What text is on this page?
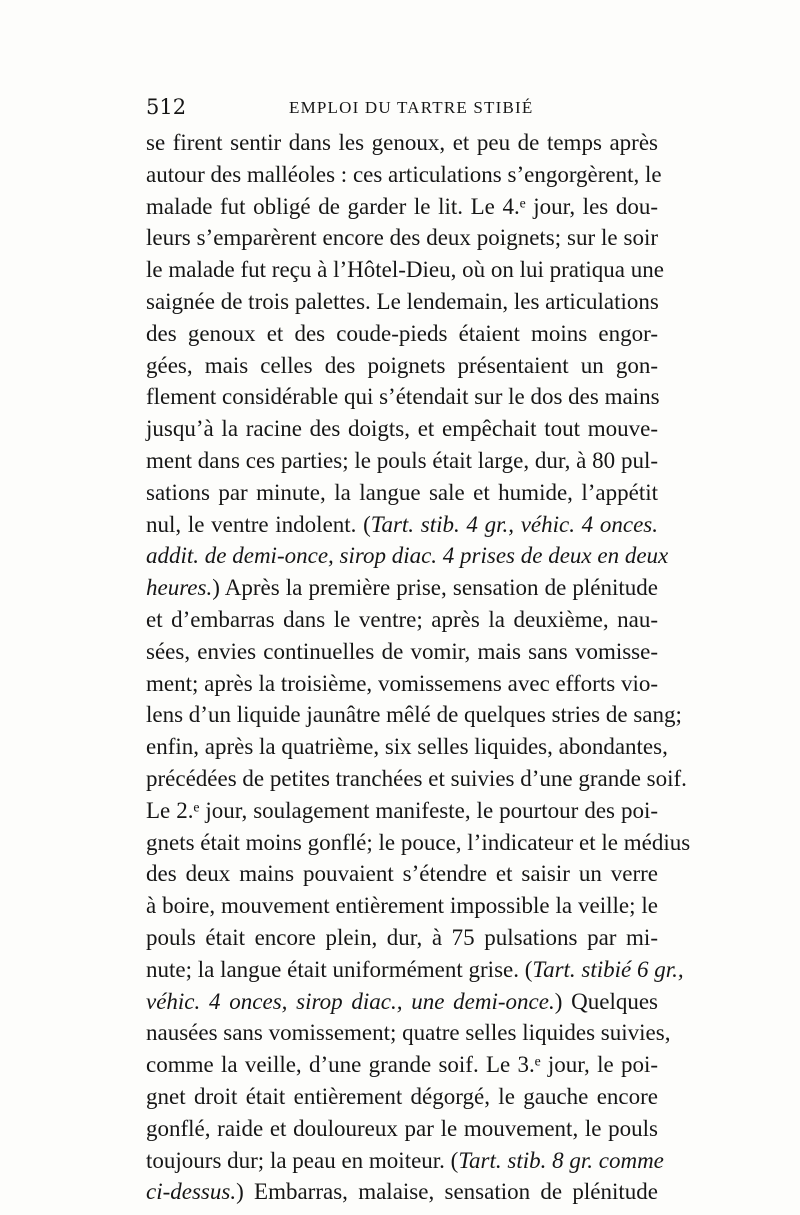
512	EMPLOI DU TARTRE STIBIÉ
se firent sentir dans les genoux, et peu de temps après
autour des malléoles : ces articulations s’engorgèrent, le
malade fut obligé de garder le lit. Le 4.ᵉ jour, les dou-
leurs s’emparèrent encore des deux poignets; sur le soir
le malade fut reçu à l’Hôtel-Dieu, où on lui pratiqua une
saignée de trois palettes. Le lendemain, les articulations
des genoux et des coude-pieds étaient moins engor-
gées, mais celles des poignets présentaient un gon-
flement considérable qui s’étendait sur le dos des mains
jusqu’à la racine des doigts, et empêchait tout mouve-
ment dans ces parties; le pouls était large, dur, à 80 pul-
sations par minute, la langue sale et humide, l’appétit
nul, le ventre indolent. (Tart. stib. 4 gr., véhic. 4 onces.
addit. de demi-once, sirop diac. 4 prises de deux en deux
heures.) Après la première prise, sensation de plénitude
et d’embarras dans le ventre; après la deuxième, nau-
sées, envies continuelles de vomir, mais sans vomisse-
ment; après la troisième, vomissemens avec efforts vio-
lens d’un liquide jaunâtre mêlé de quelques stries de sang;
enfin, après la quatrième, six selles liquides, abondantes,
précédées de petites tranchées et suivies d’une grande soif.
Le 2.ᵉ jour, soulagement manifeste, le pourtour des poi-
gnets était moins gonflé; le pouce, l’indicateur et le médius
des deux mains pouvaient s’étendre et saisir un verre
à boire, mouvement entièrement impossible la veille; le
pouls était encore plein, dur, à 75 pulsations par mi-
nute; la langue était uniformément grise. (Tart. stibié 6 gr.,
véhic. 4 onces, sirop diac., une demi-once.) Quelques
nausées sans vomissement; quatre selles liquides suivies,
comme la veille, d’une grande soif. Le 3.ᵉ jour, le poi-
gnet droit était entièrement dégorgé, le gauche encore
gonflé, raide et douloureux par le mouvement, le pouls
toujours dur; la peau en moiteur. (Tart. stib. 8 gr. comme
ci-dessus.) Embarras, malaise, sensation de plénitude
